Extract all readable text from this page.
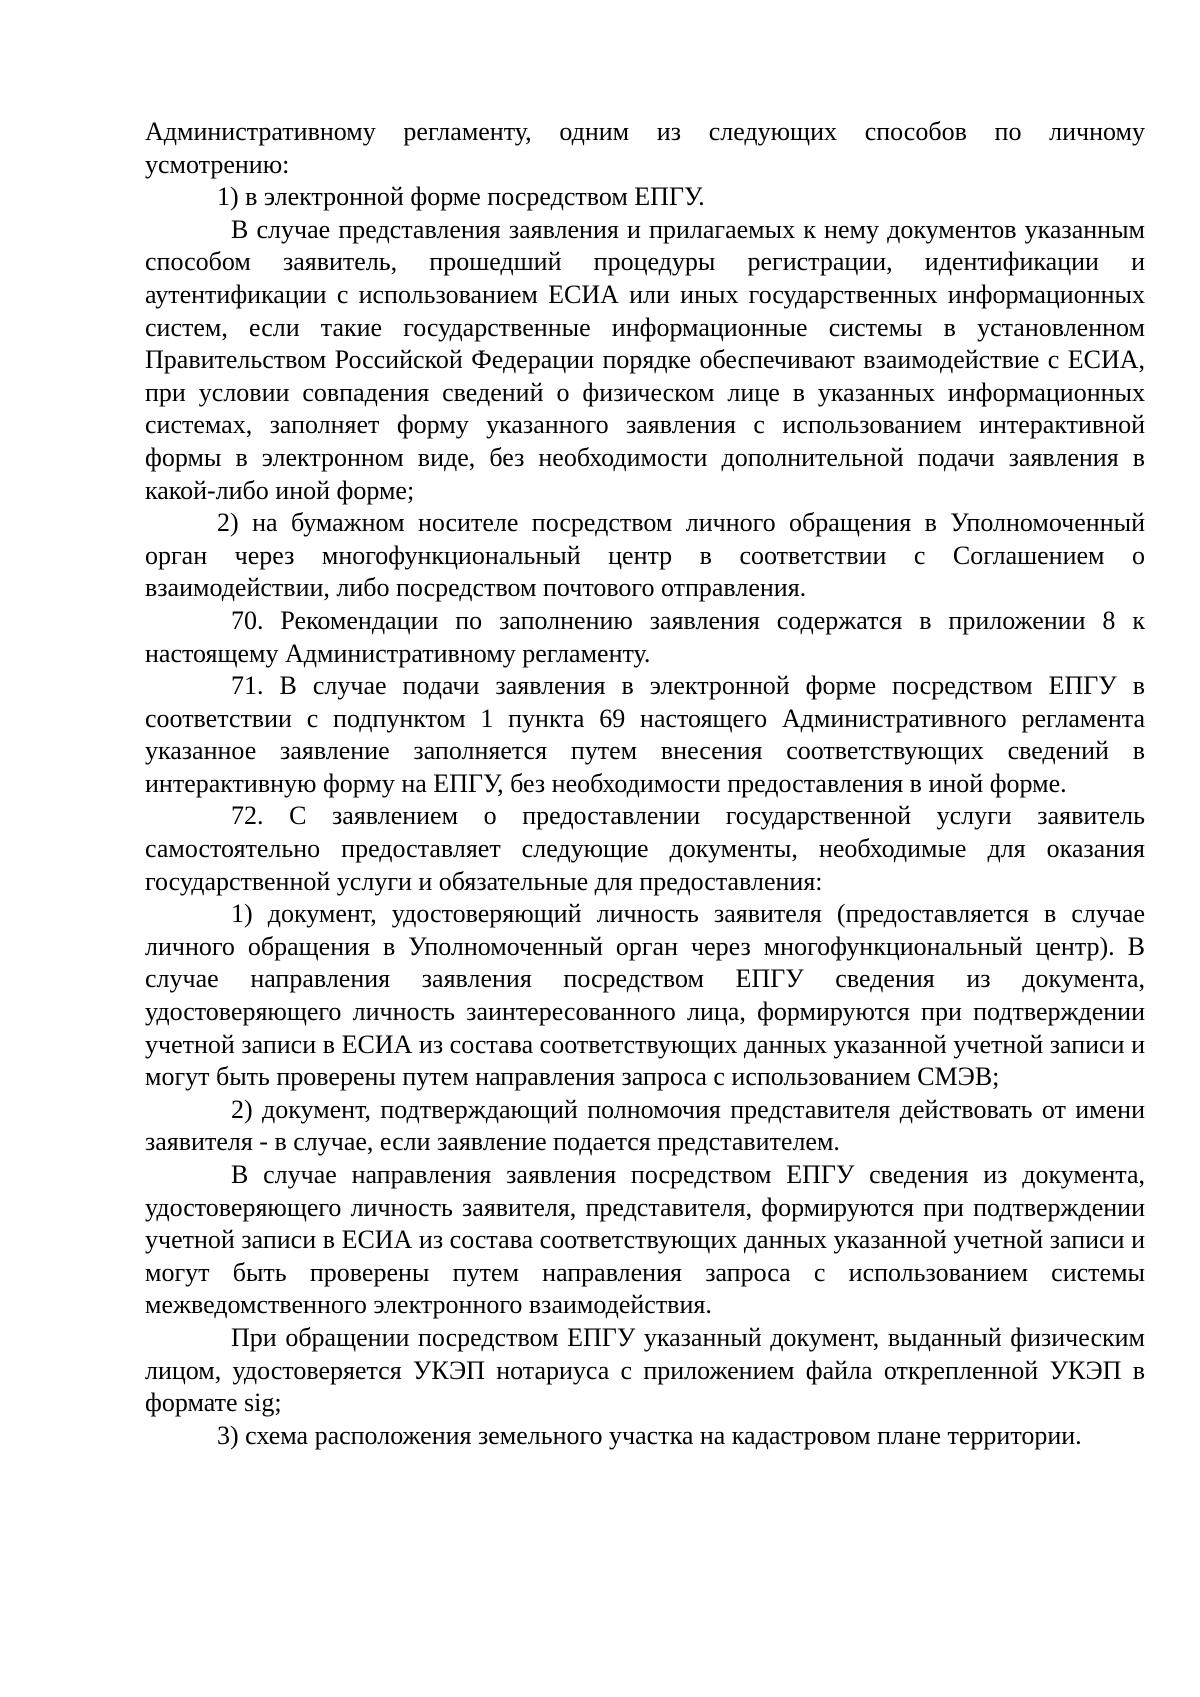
Административному регламенту, одним из следующих способов по личному усмотрению:

1) в электронной форме посредством ЕПГУ.

В случае представления заявления и прилагаемых к нему документов указанным способом заявитель, прошедший процедуры регистрации, идентификации и аутентификации с использованием ЕСИА или иных государственных информационных систем, если такие государственные информационные системы в установленном Правительством Российской Федерации порядке обеспечивают взаимодействие с ЕСИА, при условии совпадения сведений о физическом лице в указанных информационных системах, заполняет форму указанного заявления с использованием интерактивной формы в электронном виде, без необходимости дополнительной подачи заявления в какой-либо иной форме;

2) на бумажном носителе посредством личного обращения в Уполномоченный орган через многофункциональный центр в соответствии с Соглашением о взаимодействии, либо посредством почтового отправления.

70. Рекомендации по заполнению заявления содержатся в приложении 8 к настоящему Административному регламенту.

71. В случае подачи заявления в электронной форме посредством ЕПГУ в соответствии с подпунктом 1 пункта 69 настоящего Административного регламента указанное заявление заполняется путем внесения соответствующих сведений в интерактивную форму на ЕПГУ, без необходимости предоставления в иной форме.

72. С заявлением о предоставлении государственной услуги заявитель самостоятельно предоставляет следующие документы, необходимые для оказания государственной услуги и обязательные для предоставления:

1) документ, удостоверяющий личность заявителя (предоставляется в случае личного обращения в Уполномоченный орган через многофункциональный центр). В случае направления заявления посредством ЕПГУ сведения из документа, удостоверяющего личность заинтересованного лица, формируются при подтверждении учетной записи в ЕСИА из состава соответствующих данных указанной учетной записи и могут быть проверены путем направления запроса с использованием СМЭВ;

2) документ, подтверждающий полномочия представителя действовать от имени заявителя - в случае, если заявление подается представителем.

В случае направления заявления посредством ЕПГУ сведения из документа, удостоверяющего личность заявителя, представителя, формируются при подтверждении учетной записи в ЕСИА из состава соответствующих данных указанной учетной записи и могут быть проверены путем направления запроса с использованием системы межведомственного электронного взаимодействия.

При обращении посредством ЕПГУ указанный документ, выданный физическим лицом, удостоверяется УКЭП нотариуса с приложением файла открепленной УКЭП в формате sig;

3) схема расположения земельного участка на кадастровом плане территории.
